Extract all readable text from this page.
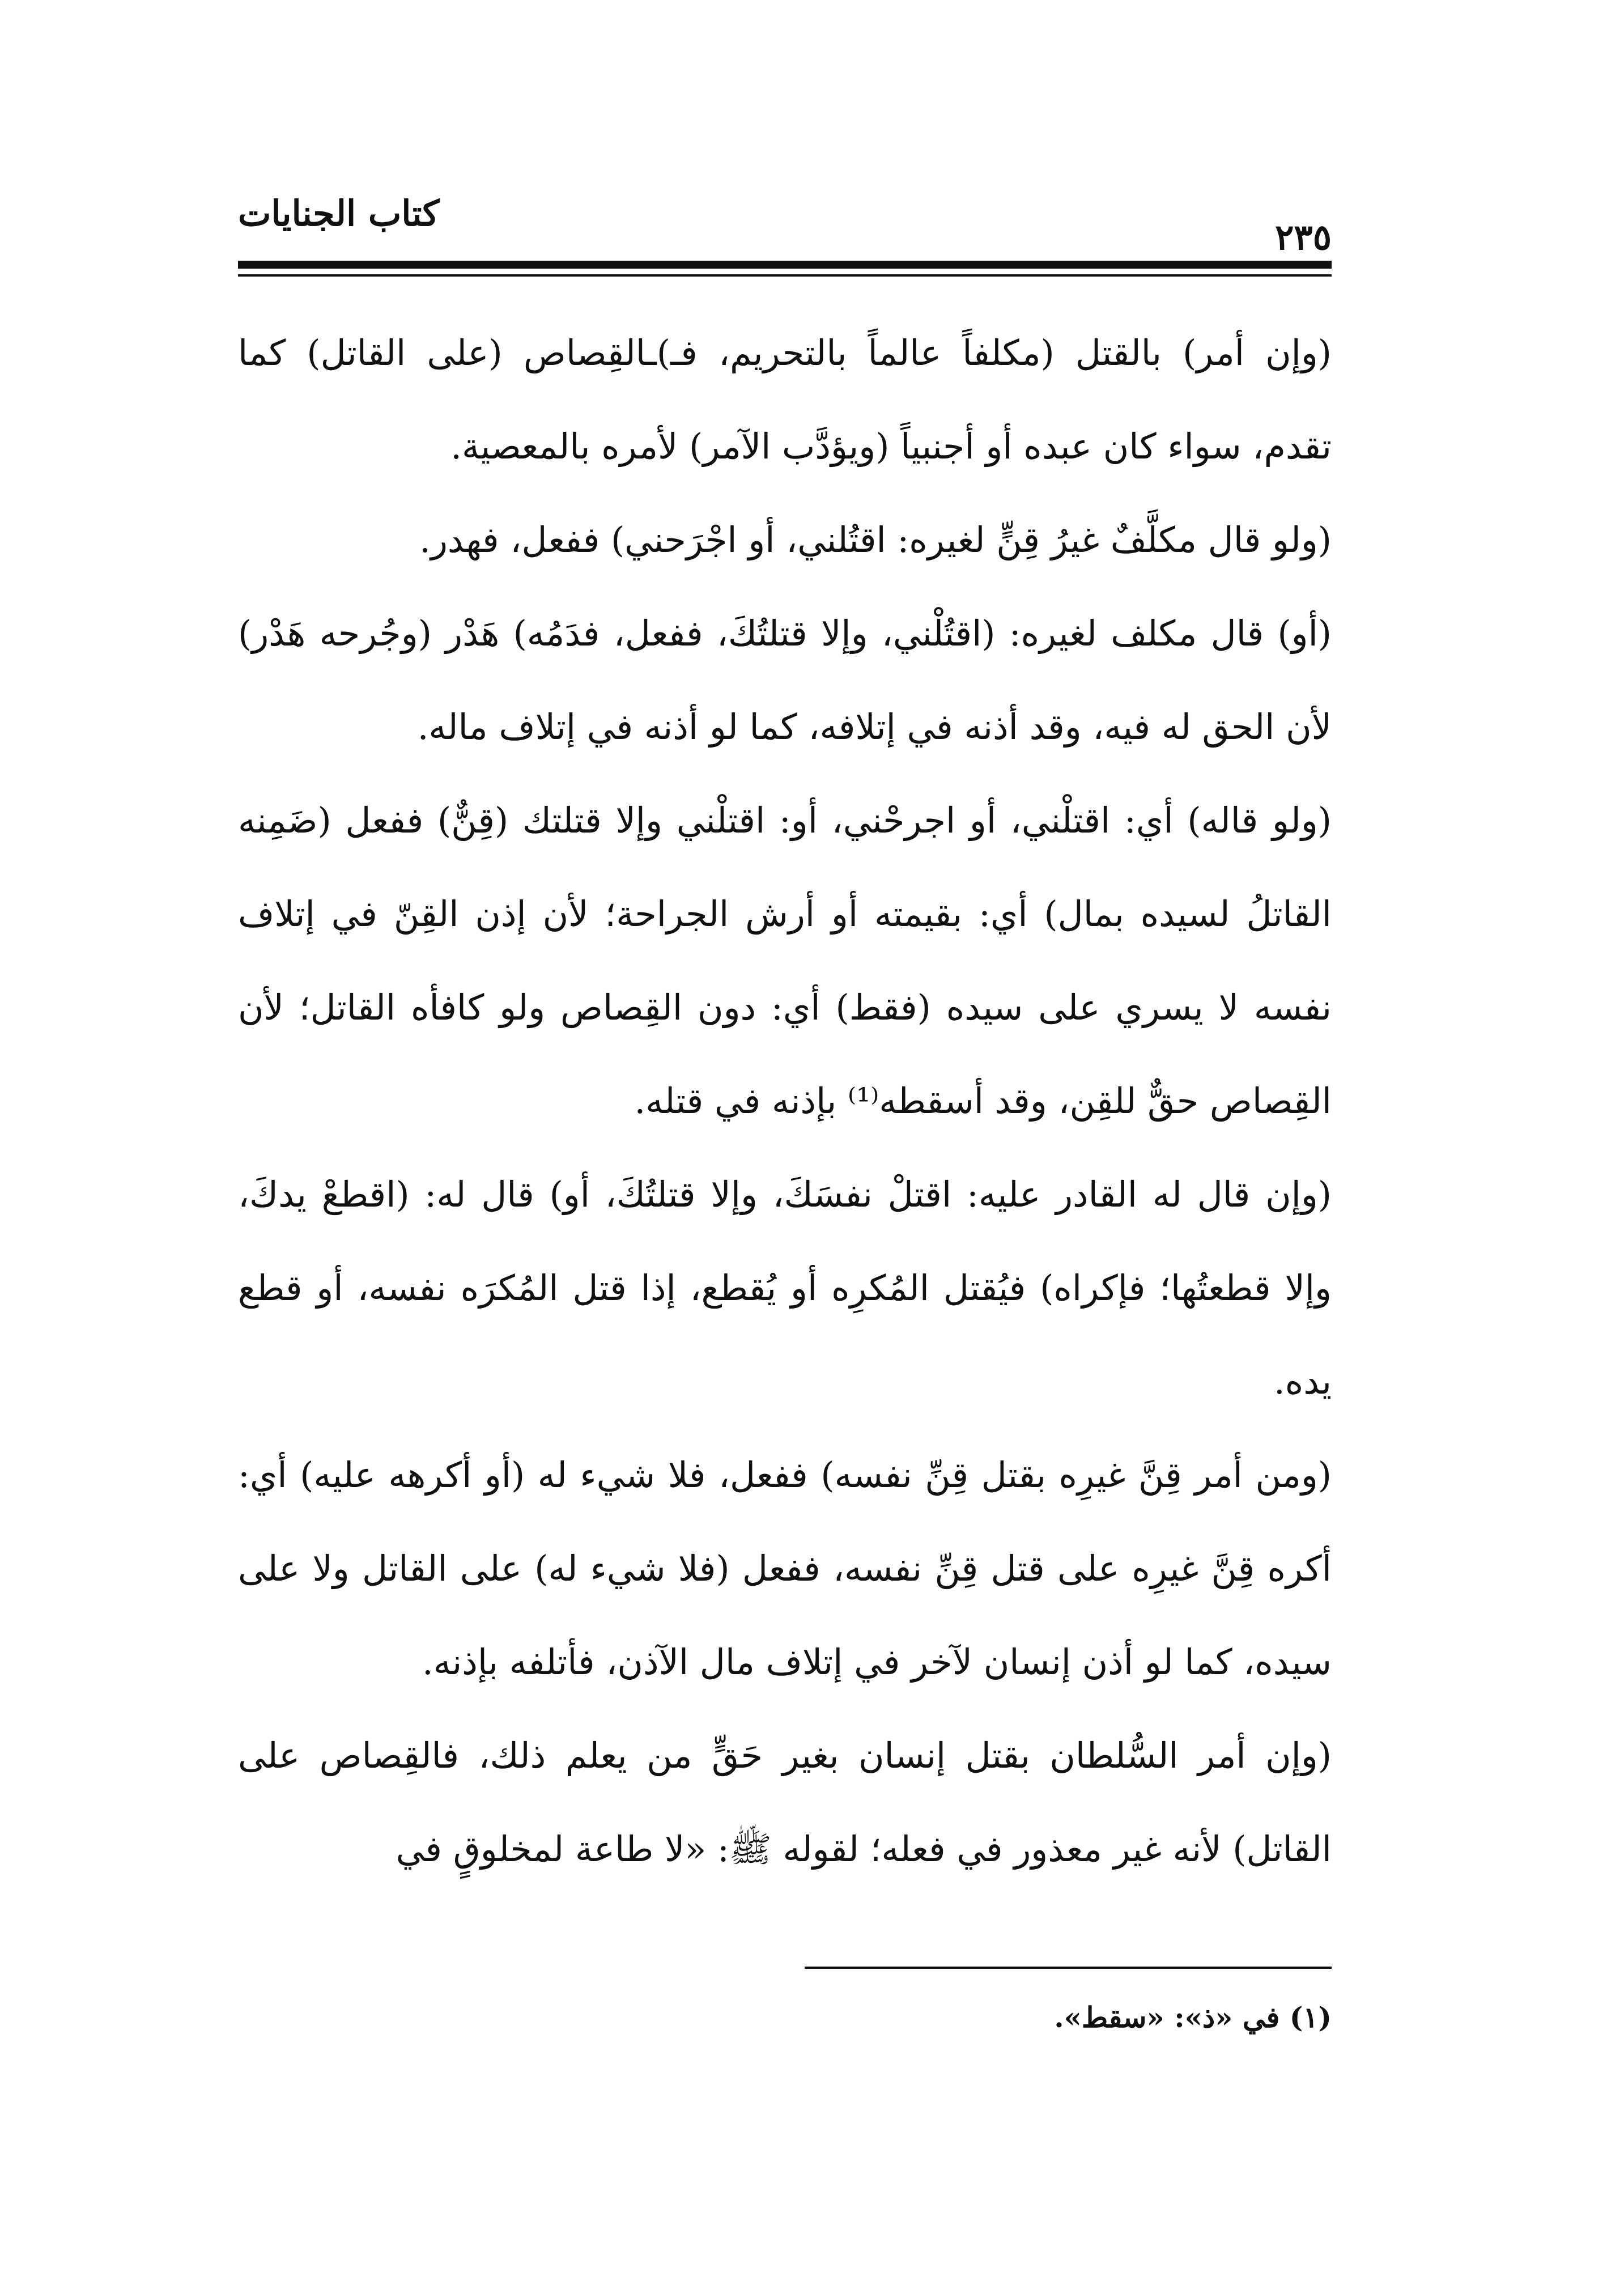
كتاب الجنايات
٢٣٥

(وإن أمر) بالقتل (مكلفاً عالماً بالتحريم، فـ)ـالقِصاص (على القاتل) كما تقدم، سواء كان عبده أو أجنبياً (ويؤدَّب الآمر) لأمره بالمعصية.

(ولو قال مكلَّفٌ غيرُ قِنٍّ لغيره: اقتُلني، أو اجْرَحني) ففعل، فهدر.

(أو) قال مكلف لغيره: (اقتُلْني، وإلا قتلتُكَ، ففعل، فدَمُه) هَدْر (وجُرحه هَدْر) لأن الحق له فيه، وقد أذنه في إتلافه، كما لو أذنه في إتلاف ماله.

(ولو قاله) أي: اقتلْني، أو اجرحْني، أو: اقتلْني وإلا قتلتك (قِنٌّ) ففعل (ضَمِنه القاتلُ لسيده بمال) أي: بقيمته أو أرش الجراحة؛ لأن إذن القِنّ في إتلاف نفسه لا يسري على سيده (فقط) أي: دون القِصاص ولو كافأه القاتل؛ لأن القِصاص حقٌّ للقِن، وقد أسقطه⁽¹⁾ بإذنه في قتله.

(وإن قال له القادر عليه: اقتلْ نفسَكَ، وإلا قتلتُكَ، أو) قال له: (اقطعْ يدكَ، وإلا قطعتُها؛ فإكراه) فيُقتل المُكرِه أو يُقطع، إذا قتل المُكرَه نفسه، أو قطع يده.

(ومن أمر قِنَّ غيرِه بقتل قِنِّ نفسه) ففعل، فلا شيء له (أو أكرهه عليه) أي: أكره قِنَّ غيرِه على قتل قِنِّ نفسه، ففعل (فلا شيء له) على القاتل ولا على سيده، كما لو أذن إنسان لآخر في إتلاف مال الآذن، فأتلفه بإذنه.

(وإن أمر السُّلطان بقتل إنسان بغير حَقٍّ من يعلم ذلك، فالقِصاص على القاتل) لأنه غير معذور في فعله؛ لقوله ﷺ: «لا طاعة لمخلوقٍ في

(١) في «ذ»: «سقط».
